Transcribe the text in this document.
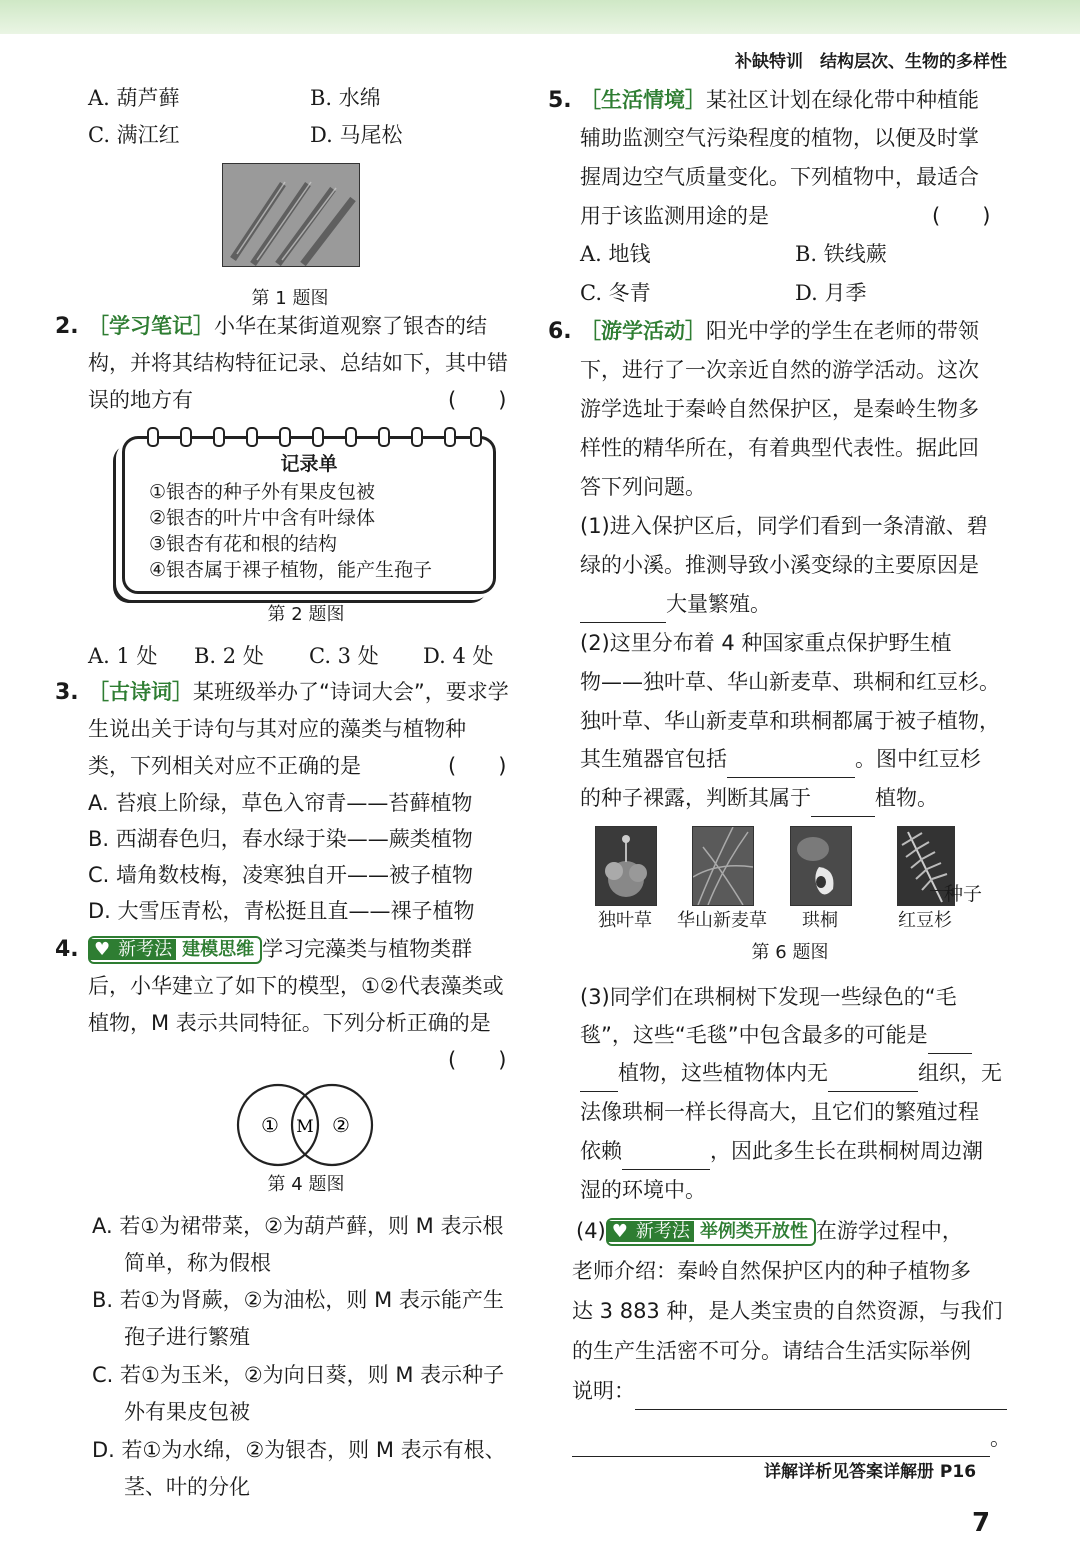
补缺特训　结构层次、生物的多样性
A. 葫芦藓	B. 水绵
C. 满江红	D. 马尾松
第 1 题图
2. ［学习笔记］小华在某街道观察了银杏的结
构，并将其结构特征记录、总结如下，其中错
误的地方有	(　　)
记录单
①银杏的种子外有果皮包被
②银杏的叶片中含有叶绿体
③银杏有花和根的结构
④银杏属于裸子植物，能产生孢子
第 2 题图
A. 1 处 B. 2 处 C. 3 处 D. 4 处
3. ［古诗词］某班级举办了“诗词大会”，要求学
生说出关于诗句与其对应的藻类与植物种
类，下列相关对应不正确的是	(　　)
A. 苔痕上阶绿，草色入帘青——苔藓植物
B. 西湖春色归，春水绿于染——蕨类植物
C. 墙角数枝梅，凌寒独自开——被子植物
D. 大雪压青松，青松挺且直——裸子植物
4. ♥ 新考法 建模思维 学习完藻类与植物类群
后，小华建立了如下的模型，①②代表藻类或
植物，M 表示共同特征。下列分析正确的是
(　　)
① M ②
第 4 题图
A. 若①为裙带菜，②为葫芦藓，则 M 表示根
简单，称为假根
B. 若①为肾蕨，②为油松，则 M 表示能产生
孢子进行繁殖
C. 若①为玉米，②为向日葵，则 M 表示种子
外有果皮包被
D. 若①为水绵，②为银杏，则 M 表示有根、
茎、叶的分化
5. ［生活情境］某社区计划在绿化带中种植能
辅助监测空气污染程度的植物，以便及时掌
握周边空气质量变化。下列植物中，最适合
用于该监测用途的是	(　　)
A. 地钱	B. 铁线蕨
C. 冬青	D. 月季
6. ［游学活动］阳光中学的学生在老师的带领
下，进行了一次亲近自然的游学活动。这次
游学选址于秦岭自然保护区，是秦岭生物多
样性的精华所在，有着典型代表性。据此回
答下列问题。
(1)进入保护区后，同学们看到一条清澈、碧
绿的小溪。推测导致小溪变绿的主要原因是
大量繁殖。
(2)这里分布着 4 种国家重点保护野生植
物——独叶草、华山新麦草、珙桐和红豆杉。
独叶草、华山新麦草和珙桐都属于被子植物，
其生殖器官包括	。图中红豆杉
的种子裸露，判断其属于	植物。
种子
独叶草	华山新麦草	珙桐	红豆杉
第 6 题图
(3)同学们在珙桐树下发现一些绿色的“毛
毯”，这些“毛毯”中包含最多的可能是
植物，这些植物体内无	组织，无
法像珙桐一样长得高大，且它们的繁殖过程
依赖	，因此多生长在珙桐树周边潮
湿的环境中。
(4) ♥ 新考法 举例类开放性 在游学过程中，
老师介绍：秦岭自然保护区内的种子植物多
达 3 883 种，是人类宝贵的自然资源，与我们
的生产生活密不可分。请结合生活实际举例
说明：
。
详解详析见答案详解册 P16
7
